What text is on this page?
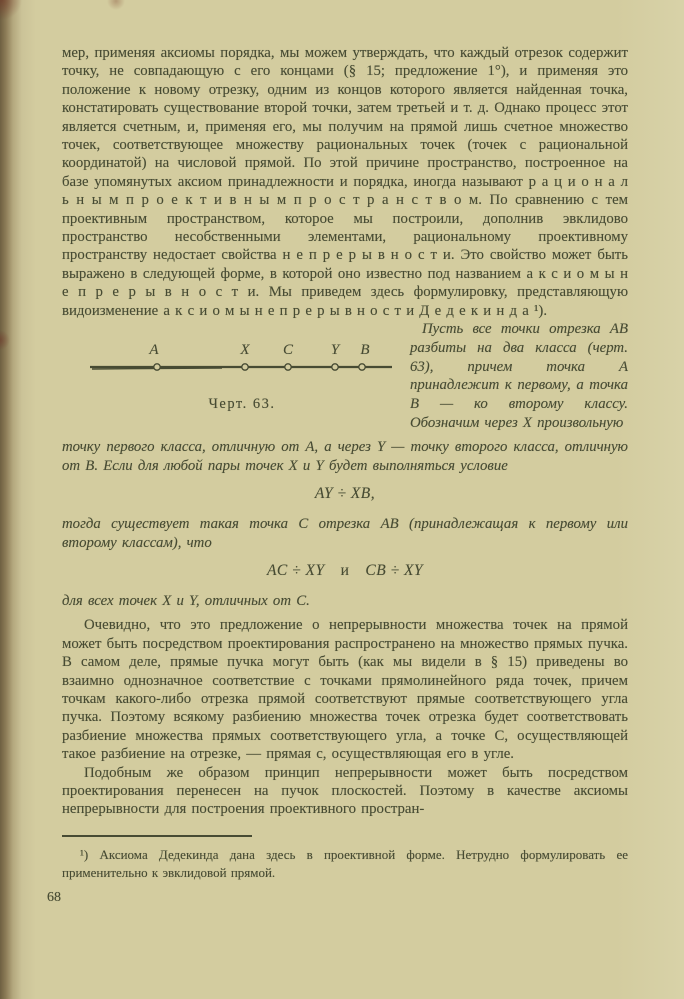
мер, применяя аксиомы порядка, мы можем утверждать, что каждый отрезок содержит точку, не совпадающую с его концами (§ 15; предложение 1°), и применяя это положение к новому отрезку, одним из концов которого является найденная точка, констатировать существование второй точки, затем третьей и т. д. Однако процесс этот является счетным, и, применяя его, мы получим на прямой лишь счетное множество точек, соответствующее множеству рациональных точек (точек с рациональной координатой) на числовой прямой. По этой причине пространство, построенное на базе упомянутых аксиом принадлежности и порядка, иногда называют р а ц и о н а л ь н ы м п р о е к т и в н ы м п р о с т р а н с т в о м. По сравнению с тем проективным пространством, которое мы построили, дополнив эвклидово пространство несобственными элементами, рациональному проективному пространству недостает свойства н е п р е р ы в н о с т и. Это свойство может быть выражено в следующей форме, в которой оно известно под названием а к с и о м ы н е п р е р ы в н о с т и. Мы приведем здесь формулировку, представляющую видоизменение а к с и о м ы н е п р е р ы в н о с т и Д е д е к и н д а ¹).

A	X C	Y B
Черт. 63.
Пусть все точки отрезка AB разбиты на два класса (черт. 63), причем точка A принадлежит к первому, а точка B — ко второму классу. Обозначим через X произвольную

точку первого класса, отличную от A, а через Y — точку второго класса, отличную от B. Если для любой пары точек X и Y будет выполняться условие

AY ÷ XB,

тогда существует такая точка C отрезка AB (принадлежащая к первому или второму классам), что

AC ÷ XY и CB ÷ XY

для всех точек X и Y, отличных от C.

Очевидно, что это предложение о непрерывности множества точек на прямой может быть посредством проектирования распространено на множество прямых пучка. В самом деле, прямые пучка могут быть (как мы видели в § 15) приведены во взаимно однозначное соответствие с точками прямолинейного ряда точек, причем точкам какого-либо отрезка прямой соответствуют прямые соответствующего угла пучка. Поэтому всякому разбиению множества точек отрезка будет соответствовать разбиение множества прямых соответствующего угла, а точке C, осуществляющей такое разбиение на отрезке, — прямая c, осуществляющая его в угле.

Подобным же образом принцип непрерывности может быть посредством проектирования перенесен на пучок плоскостей. Поэтому в качестве аксиомы непрерывности для построения проективного простран-

¹) Аксиома Дедекинда дана здесь в проективной форме. Нетрудно формулировать ее применительно к эвклидовой прямой.

68
